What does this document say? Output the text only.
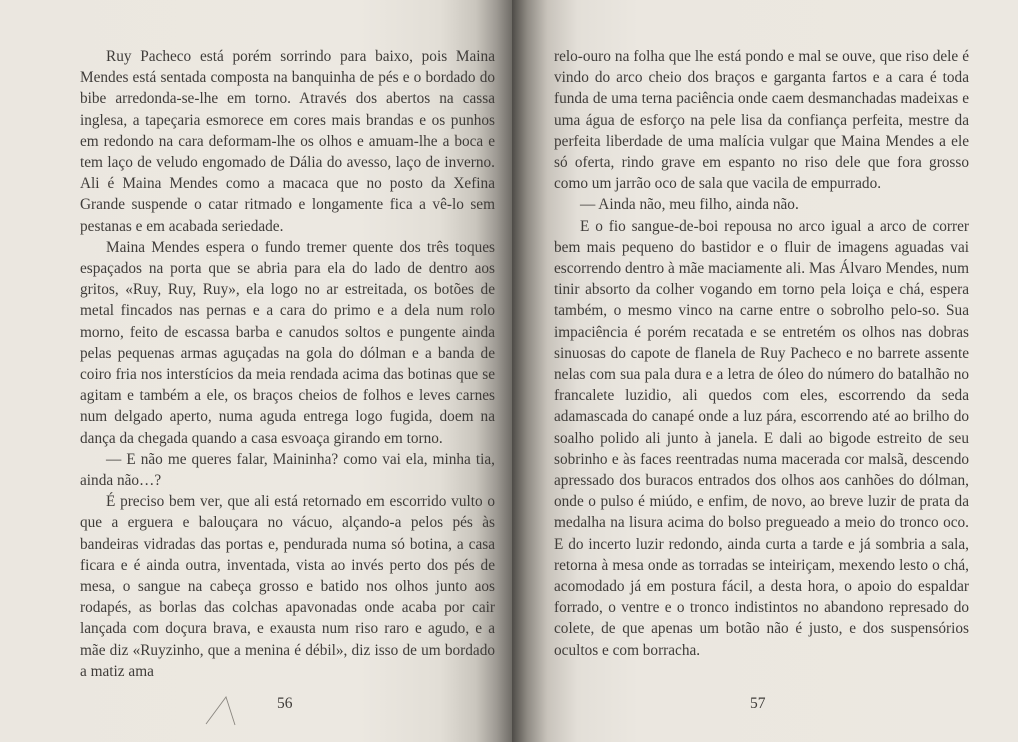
Ruy Pacheco está porém sorrindo para baixo, pois Maina Mendes está sentada composta na banquinha de pés e o bordado do bibe arredonda-se-lhe em torno. Através dos abertos na cassa inglesa, a tapeçaria esmorece em cores mais brandas e os punhos em redondo na cara deformam-lhe os olhos e amuam-lhe a boca e tem laço de veludo engomado de Dália do avesso, laço de inverno. Ali é Maina Mendes como a macaca que no posto da Xefina Grande suspende o catar ritmado e longamente fica a vê-lo sem pestanas e em acabada seriedade.

Maina Mendes espera o fundo tremer quente dos três toques espaçados na porta que se abria para ela do lado de dentro aos gritos, «Ruy, Ruy, Ruy», ela logo no ar estreitada, os botões de metal fincados nas pernas e a cara do primo e a dela num rolo morno, feito de escassa barba e canudos soltos e pungente ainda pelas pequenas armas aguçadas na gola do dólman e a banda de coiro fria nos interstícios da meia rendada acima das botinas que se agitam e também a ele, os braços cheios de folhos e leves carnes num delgado aperto, numa aguda entrega logo fugida, doem na dança da chegada quando a casa esvoaça girando em torno.

— E não me queres falar, Maininha? como vai ela, minha tia, ainda não…?

É preciso bem ver, que ali está retornado em escorrido vulto o que a erguera e balouçara no vácuo, alçando-a pelos pés às bandeiras vidradas das portas e, pendurada numa só botina, a casa ficara e é ainda outra, inventada, vista ao invés perto dos pés de mesa, o sangue na cabeça grosso e batido nos olhos junto aos rodapés, as borlas das colchas apavonadas onde acaba por cair lançada com doçura brava, e exausta num riso raro e agudo, e a mãe diz «Ruyzinho, que a menina é débil», diz isso de um bordado a matiz ama

56

relo-ouro na folha que lhe está pondo e mal se ouve, que riso dele é vindo do arco cheio dos braços e garganta fartos e a cara é toda funda de uma terna paciência onde caem desmanchadas madeixas e uma água de esforço na pele lisa da confiança perfeita, mestre da perfeita liberdade de uma malícia vulgar que Maina Mendes a ele só oferta, rindo grave em espanto no riso dele que fora grosso como um jarrão oco de sala que vacila de empurrado.

— Ainda não, meu filho, ainda não.

E o fio sangue-de-boi repousa no arco igual a arco de correr bem mais pequeno do bastidor e o fluir de imagens aguadas vai escorrendo dentro à mãe maciamente ali. Mas Álvaro Mendes, num tinir absorto da colher vogando em torno pela loiça e chá, espera também, o mesmo vinco na carne entre o sobrolho pelo-so. Sua impaciência é porém recatada e se entretém os olhos nas dobras sinuosas do capote de flanela de Ruy Pacheco e no barrete assente nelas com sua pala dura e a letra de óleo do número do batalhão no francalete luzidio, ali quedos com eles, escorrendo da seda adamascada do canapé onde a luz pára, escorrendo até ao brilho do soalho polido ali junto à janela. E dali ao bigode estreito de seu sobrinho e às faces reentradas numa macerada cor malsã, descendo apressado dos buracos entrados dos olhos aos canhões do dólman, onde o pulso é miúdo, e enfim, de novo, ao breve luzir de prata da medalha na lisura acima do bolso pregueado a meio do tronco oco. E do incerto luzir redondo, ainda curta a tarde e já sombria a sala, retorna à mesa onde as torradas se inteiriçam, mexendo lesto o chá, acomodado já em postura fácil, a desta hora, o apoio do espaldar forrado, o ventre e o tronco indistintos no abandono represado do colete, de que apenas um botão não é justo, e dos suspensórios ocultos e com borracha.

57
